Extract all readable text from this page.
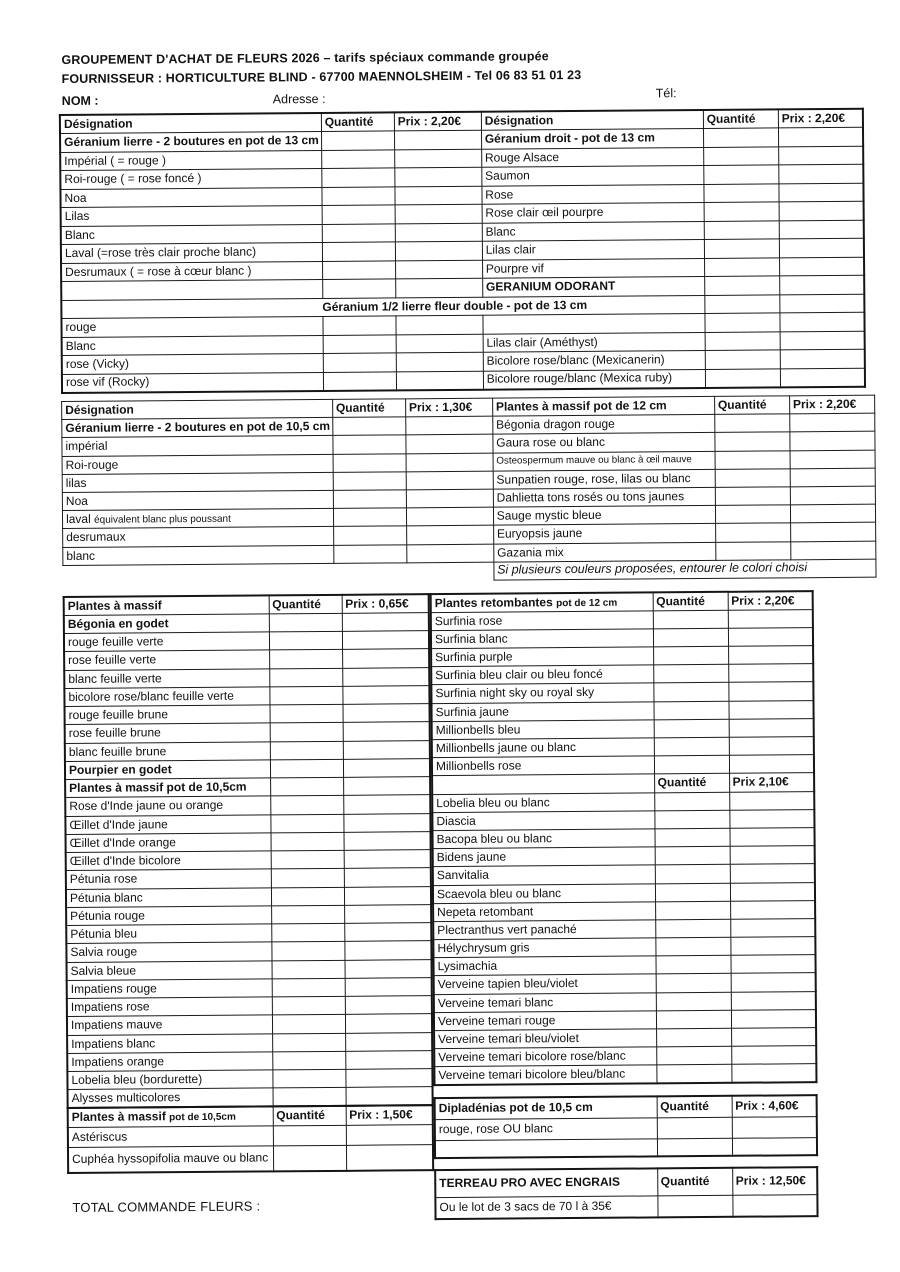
GROUPEMENT D'ACHAT DE FLEURS 2026 – tarifs spéciaux commande groupée
FOURNISSEUR : HORTICULTURE BLIND - 67700 MAENNOLSHEIM - Tel 06 83 51 01 23
NOM :	Adresse :	Tél:
Désignation	Quantité	Prix : 2,20€	Désignation	Quantité	Prix : 2,20€
Géranium lierre - 2 boutures en pot de 13 cm			Géranium droit - pot de 13 cm		
Impérial ( = rouge )			Rouge Alsace		
Roi-rouge ( = rose foncé )			Saumon		
Noa			Rose		
Lilas			Rose clair œil pourpre		
Blanc			Blanc		
Laval (=rose très clair proche blanc)			Lilas clair		
Desrumaux ( = rose à cœur blanc )			Pourpre vif		
			GERANIUM ODORANT		
Géranium 1/2 lierre fleur double - pot de 13 cm					
rouge					
Blanc			Lilas clair (Améthyst)		
rose (Vicky)			Bicolore rose/blanc (Mexicanerin)		
rose vif (Rocky)			Bicolore rouge/blanc (Mexica ruby)		
Désignation	Quantité	Prix : 1,30€	Plantes à massif pot de 12 cm	Quantité	Prix : 2,20€
Géranium lierre - 2 boutures en pot de 10,5 cm			Bégonia dragon rouge		
impérial			Gaura rose ou blanc		
Roi-rouge			Osteospermum mauve ou blanc à œil mauve		
lilas			Sunpatien rouge, rose, lilas ou blanc		
Noa			Dahlietta tons rosés ou tons jaunes		
laval équivalent blanc plus poussant			Sauge mystic bleue		
desrumaux			Euryopsis jaune		
blanc			Gazania mix		
			Si plusieurs couleurs proposées, entourer le colori choisi		
Plantes à massif	Quantité	Prix : 0,65€
Bégonia en godet		
rouge feuille verte		
rose feuille verte		
blanc feuille verte		
bicolore rose/blanc feuille verte		
rouge feuille brune		
rose feuille brune		
blanc feuille brune		
Pourpier en godet		
Plantes à massif pot de 10,5cm		
Rose d'Inde jaune ou orange		
Œillet d'Inde jaune		
Œillet d'Inde orange		
Œillet d'Inde bicolore		
Pétunia rose		
Pétunia blanc		
Pétunia rouge		
Pétunia bleu		
Salvia rouge		
Salvia bleue		
Impatiens rouge		
Impatiens rose		
Impatiens mauve		
Impatiens blanc		
Impatiens orange		
Lobelia bleu (bordurette)		
Alysses multicolores		
Plantes à massif pot de 10,5cm	Quantité	Prix : 1,50€
Astériscus		
Cuphéa hyssopifolia mauve ou blanc		
Plantes retombantes pot de 12 cm	Quantité	Prix : 2,20€
Surfinia rose		
Surfinia blanc		
Surfinia purple		
Surfinia bleu clair ou bleu foncé		
Surfinia night sky ou royal sky		
Surfinia jaune		
Millionbells bleu		
Millionbells jaune ou blanc		
Millionbells rose		
	Quantité	Prix 2,10€
Lobelia bleu ou blanc		
Diascia		
Bacopa bleu ou blanc		
Bidens jaune		
Sanvitalia		
Scaevola bleu ou blanc		
Nepeta retombant		
Plectranthus vert panaché		
Hélychrysum gris		
Lysimachia		
Verveine tapien bleu/violet		
Verveine temari blanc		
Verveine temari rouge		
Verveine temari bleu/violet		
Verveine temari bicolore rose/blanc		
Verveine temari bicolore bleu/blanc		
Dipladénias pot de 10,5 cm	Quantité	Prix : 4,60€
rouge, rose OU blanc		

TERREAU PRO AVEC ENGRAIS	Quantité	Prix : 12,50€
Ou le lot de 3 sacs de 70 l à 35€		
TOTAL COMMANDE FLEURS :
